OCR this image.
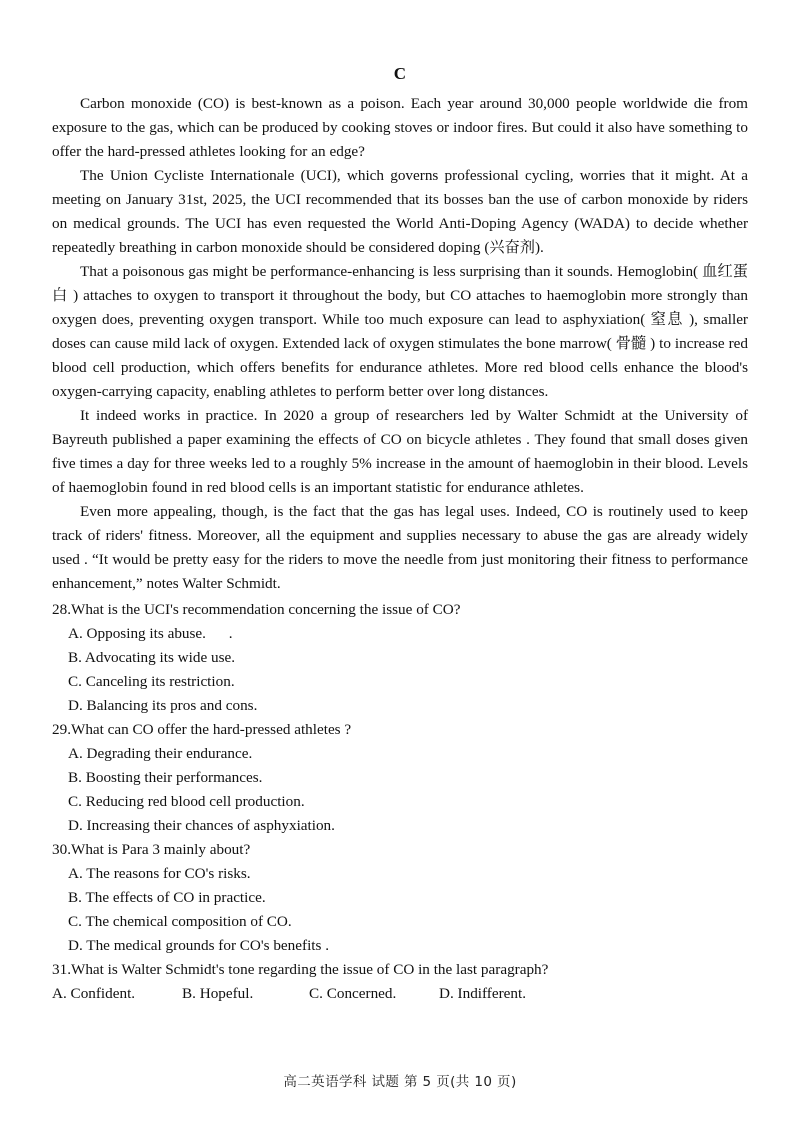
C

Carbon monoxide (CO) is best-known as a poison. Each year around 30,000 people worldwide die from exposure to the gas, which can be produced by cooking stoves or indoor fires. But could it also have something to offer the hard-pressed athletes looking for an edge?

The Union Cycliste Internationale (UCI), which governs professional cycling, worries that it might. At a meeting on January 31st, 2025, the UCI recommended that its bosses ban the use of carbon monoxide by riders on medical grounds. The UCI has even requested the World Anti-Doping Agency (WADA) to decide whether repeatedly breathing in carbon monoxide should be considered doping (兴奋剂).

That a poisonous gas might be performance-enhancing is less surprising than it sounds. Hemoglobin( 血红蛋白 ) attaches to oxygen to transport it throughout the body, but CO attaches to haemoglobin more strongly than oxygen does, preventing oxygen transport. While too much exposure can lead to asphyxiation( 窒息 ), smaller doses can cause mild lack of oxygen. Extended lack of oxygen stimulates the bone marrow( 骨髓 ) to increase red blood cell production, which offers benefits for endurance athletes. More red blood cells enhance the blood's oxygen-carrying capacity, enabling athletes to perform better over long distances.

It indeed works in practice. In 2020 a group of researchers led by Walter Schmidt at the University of Bayreuth published a paper examining the effects of CO on bicycle athletes . They found that small doses given five times a day for three weeks led to a roughly 5% increase in the amount of haemoglobin in their blood. Levels of haemoglobin found in red blood cells is an important statistic for endurance athletes.

Even more appealing, though, is the fact that the gas has legal uses. Indeed, CO is routinely used to keep track of riders' fitness. Moreover, all the equipment and supplies necessary to abuse the gas are already widely used . “It would be pretty easy for the riders to move the needle from just monitoring their fitness to performance enhancement,” notes Walter Schmidt.

28.What is the UCI's recommendation concerning the issue of CO?

A. Opposing its abuse.      .

B. Advocating its wide use.

C. Canceling its restriction.

D. Balancing its pros and cons.

29.What can CO offer the hard-pressed athletes ?

A. Degrading their endurance.

B. Boosting their performances.

C. Reducing red blood cell production.

D. Increasing their chances of asphyxiation.

30.What is Para 3 mainly about?

A. The reasons for CO's risks.

B. The effects of CO in practice.

C. The chemical composition of CO.

D. The medical grounds for CO's benefits .

31.What is Walter Schmidt's tone regarding the issue of CO in the last paragraph?

A. Confident.	B. Hopeful.	C. Concerned.	D. Indifferent.
高二英语学科 试题 第 5 页(共 10 页)
